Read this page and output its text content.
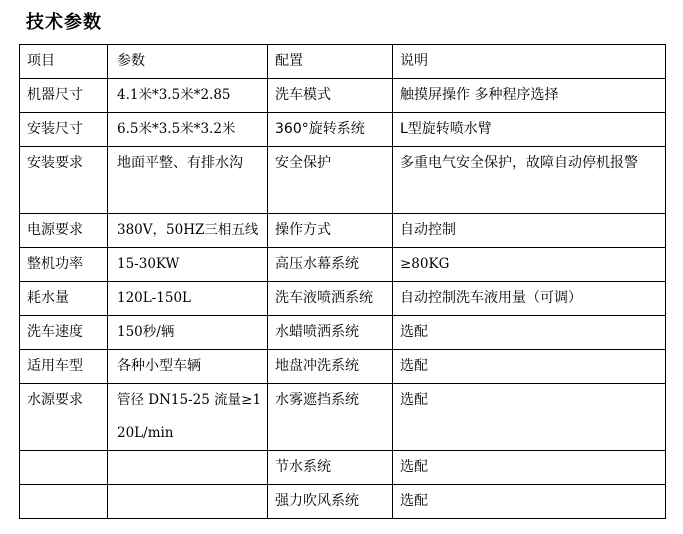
技术参数
项目	参数	配置	说明
机器尺寸	4.1米*3.5米*2.85	洗车模式	触摸屏操作 多种程序选择
安装尺寸	6.5米*3.5米*3.2米	360°旋转系统	L型旋转喷水臂
安装要求	地面平整、有排水沟	安全保护	多重电气安全保护，故障自动停机报警
电源要求	380V，50HZ三相五线	操作方式	自动控制
整机功率	15-30KW	高压水幕系统	≥80KG
耗水量	120L-150L	洗车液喷洒系统	自动控制洗车液用量（可调）
洗车速度	150秒/辆	水蜡喷洒系统	选配
适用车型	各种小型车辆	地盘冲洗系统	选配
水源要求	管径 DN15-25 流量≥120L/min	水雾遮挡系统	选配
		节水系统	选配
		强力吹风系统	选配
